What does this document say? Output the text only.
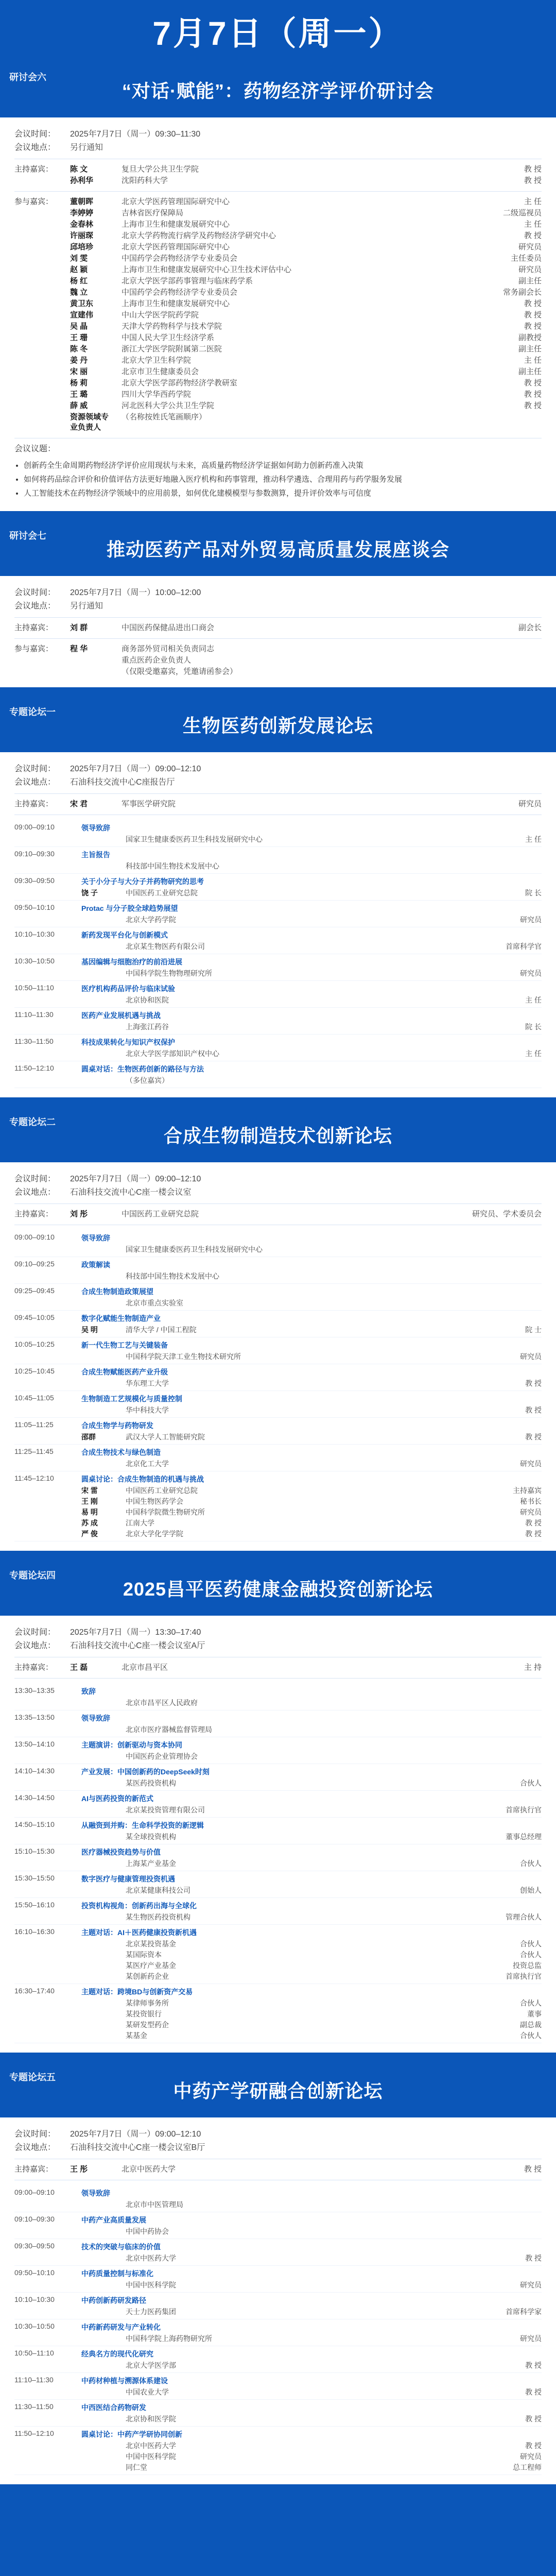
7月7日（周一）
研讨会六
“对话·赋能”：药物经济学评价研讨会
会议时间：	2025年7月7日（周一）09:30–11:30
会议地点：	另行通知
主持嘉宾：	陈 文	复旦大学公共卫生学院	教 授
孙利华	沈阳药科大学	教 授
参与嘉宾：	董朝晖	北京大学医药管理国际研究中心	主 任
李婷婷	吉林省医疗保障局	二级巡视员
金春林	上海市卫生和健康发展研究中心	主 任
许丽琛	北京大学药物流行病学及药物经济学研究中心	教 授
邱培珍	北京大学医药管理国际研究中心	研究员
刘 雯	中国药学会药物经济学专业委员会	主任委员
赵 颖	上海市卫生和健康发展研究中心卫生技术评估中心	研究员
杨 红	北京大学医学部药事管理与临床药学系	副主任
魏 立	中国药学会药物经济学专业委员会	常务副会长
黄卫东	上海市卫生和健康发展研究中心	教 授
宣建伟	中山大学医学院药学院	教 授
吴 晶	天津大学药物科学与技术学院	教 授
王 珊	中国人民大学卫生经济学系	副教授
陈 冬	浙江大学医学院附属第二医院	副主任
姜 丹	北京大学卫生科学院	主 任
宋 丽	北京市卫生健康委员会	副主任
杨 莉	北京大学医学部药物经济学教研室	教 授
王 璐	四川大学华西药学院	教 授
薛 威	河北医科大学公共卫生学院	教 授
资源领域专业负责人
（名称按姓氏笔画顺序）
会议议题：
• 创新药全生命周期药物经济学评价应用现状与未来，高质量药物经济学证据如何助力创新药准入决策
• 如何将药品综合评价和价值评估方法更好地融入医疗机构和药事管理，推动科学遴选、合理用药与药学服务发展
• 人工智能技术在药物经济学领域中的应用前景，如何优化建模模型与参数测算，提升评价效率与可信度
研讨会七
推动医药产品对外贸易高质量发展座谈会
会议时间：	2025年7月7日（周一）10:00–12:00
会议地点：	另行通知
主持嘉宾：	刘 群	中国医药保健品进出口商会	副会长
参与嘉宾：	程 华	商务部外贸司相关负责同志
重点医药企业负责人
（仅限受邀嘉宾，凭邀请函参会）
专题论坛一
生物医药创新发展论坛
会议时间：	2025年7月7日（周一）09:00–12:10
会议地点：	石油科技交流中心C座报告厅
主持嘉宾：	宋 君	军事医学研究院	研究员
09:00–09:10	领导致辞
国家卫生健康委医药卫生科技发展研究中心	主 任
09:10–09:30	主旨报告
科技部中国生物技术发展中心
09:30–09:50	关于小分子与大分子并药物研究的思考
饶 子	中国医药工业研究总院	院 长
09:50–10:10	Protac 与分子胶全球趋势展望
北京大学药学院	研究员
10:10–10:30	新药发现平台化与创新模式
北京某生物医药有限公司	首席科学官
10:30–10:50	基因编辑与细胞治疗的前沿进展
中国科学院生物物理研究所	研究员
10:50–11:10	医疗机构药品评价与临床试验
北京协和医院	主 任
11:10–11:30	医药产业发展机遇与挑战
上海张江药谷	院 长
11:30–11:50	科技成果转化与知识产权保护
北京大学医学部知识产权中心	主 任
11:50–12:10	圆桌对话：生物医药创新的路径与方法
（多位嘉宾）
专题论坛二
合成生物制造技术创新论坛
会议时间：	2025年7月7日（周一）09:00–12:10
会议地点：	石油科技交流中心C座一楼会议室
主持嘉宾：	刘 彤	中国医药工业研究总院	研究员、学术委员会
09:00–09:10	领导致辞
国家卫生健康委医药卫生科技发展研究中心
09:10–09:25	政策解读
科技部中国生物技术发展中心
09:25–09:45	合成生物制造政策展望
北京市重点实验室
09:45–10:05	数字化赋能生物制造产业
吴 明	清华大学 / 中国工程院	院 士
10:05–10:25	新一代生物工艺与关键装备
中国科学院天津工业生物技术研究所	研究员
10:25–10:45	合成生物赋能医药产业升级
华东理工大学	教 授
10:45–11:05	生物制造工艺规模化与质量控制
华中科技大学	教 授
11:05–11:25	合成生物学与药物研发
邵群	武汉大学人工智能研究院	教 授
11:25–11:45	合成生物技术与绿色制造
北京化工大学	研究员
11:45–12:10	圆桌讨论：合成生物制造的机遇与挑战
宋 雷	中国医药工业研究总院	主持嘉宾
王 刚	中国生物医药学会	秘书长
易 明	中国科学院微生物研究所	研究员
苏 成	江南大学	教 授
严 俊	北京大学化学学院	教 授
专题论坛四
2025昌平医药健康金融投资创新论坛
会议时间：	2025年7月7日（周一）13:30–17:40
会议地点：	石油科技交流中心C座一楼会议室A厅
主持嘉宾：	王 磊	北京市昌平区	主 持
13:30–13:35	致辞
北京市昌平区人民政府
13:35–13:50	领导致辞
北京市医疗器械监督管理局
13:50–14:10	主题演讲：创新驱动与资本协同
中国医药企业管理协会
14:10–14:30	产业发展：中国创新药的DeepSeek时刻
某医药投资机构	合伙人
14:30–14:50	AI与医药投资的新范式
北京某投资管理有限公司	首席执行官
14:50–15:10	从融资到并购：生命科学投资的新逻辑
某全球投资机构	董事总经理
15:10–15:30	医疗器械投资趋势与价值
上海某产业基金	合伙人
15:30–15:50	数字医疗与健康管理投资机遇
北京某健康科技公司	创始人
15:50–16:10	投资机构视角：创新药出海与全球化
某生物医药投资机构	管理合伙人
16:10–16:30	主题对话：AI＋医药健康投资新机遇
北京某投资基金	合伙人
某国际资本	合伙人
某医疗产业基金	投资总监
某创新药企业	首席执行官
16:30–17:40	主题对话：跨境BD与创新资产交易
某律师事务所	合伙人
某投资银行	董事
某研发型药企	副总裁
某基金	合伙人
专题论坛五
中药产学研融合创新论坛
会议时间：	2025年7月7日（周一）09:00–12:10
会议地点：	石油科技交流中心C座一楼会议室B厅
主持嘉宾：	王 彤	北京中医药大学	教 授
09:00–09:10	领导致辞
北京市中医管理局
09:10–09:30	中药产业高质量发展
中国中药协会
09:30–09:50	技术的突破与临床的价值
北京中医药大学	教 授
09:50–10:10	中药质量控制与标准化
中国中医科学院	研究员
10:10–10:30	中药创新药研发路径
天士力医药集团	首席科学家
10:30–10:50	中药新药研发与产业转化
中国科学院上海药物研究所	研究员
10:50–11:10	经典名方的现代化研究
北京大学医学部	教 授
11:10–11:30	中药材种植与溯源体系建设
中国农业大学	教 授
11:30–11:50	中西医结合药物研发
北京协和医学院	教 授
11:50–12:10	圆桌讨论：中药产学研协同创新
北京中医药大学	教 授
中国中医科学院	研究员
同仁堂	总工程师
